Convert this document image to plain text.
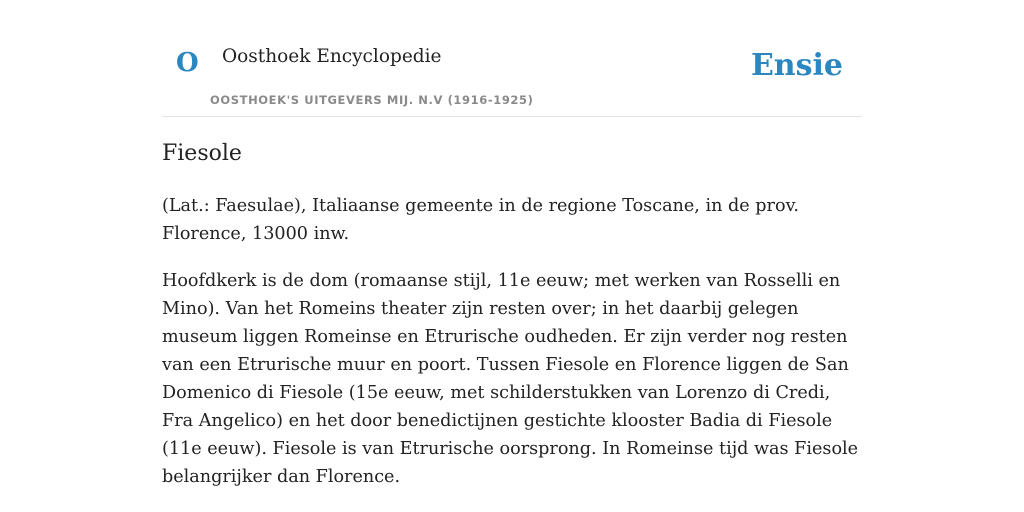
O Oosthoek Encyclopedie
OOSTHOEK'S UITGEVERS MIJ. N.V (1916-1925)
Ensie
Fiesole

(Lat.: Faesulae), Italiaanse gemeente in de regione Toscane, in de prov. Florence, 13000 inw.

Hoofdkerk is de dom (romaanse stijl, 11e eeuw; met werken van Rosselli en Mino). Van het Romeins theater zijn resten over; in het daarbij gelegen museum liggen Romeinse en Etrurische oudheden. Er zijn verder nog resten van een Etrurische muur en poort. Tussen Fiesole en Florence liggen de San Domenico di Fiesole (15e eeuw, met schilderstukken van Lorenzo di Credi, Fra Angelico) en het door benedictijnen gestichte klooster Badia di Fiesole (11e eeuw). Fiesole is van Etrurische oorsprong. In Romeinse tijd was Fiesole belangrijker dan Florence.
